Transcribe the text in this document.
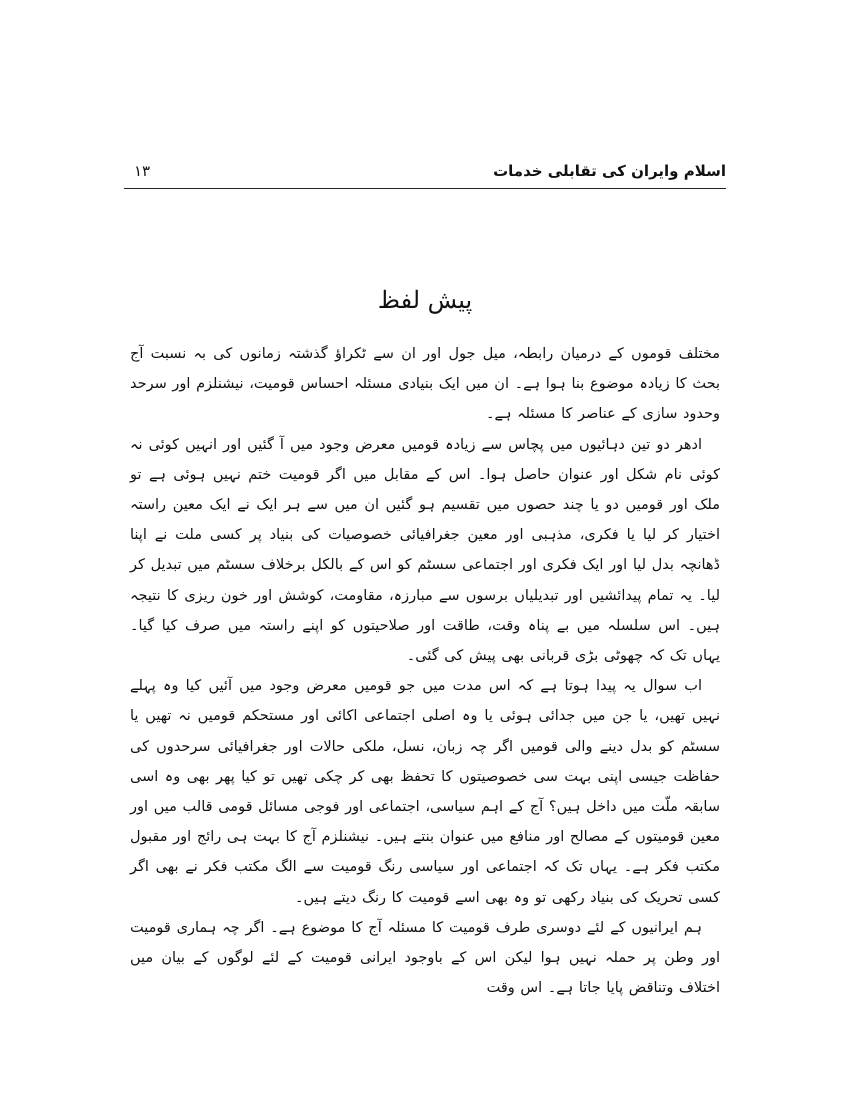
اسلام وایران کی تقابلی خدمات
۱۳
پیش لفظ

مختلف قوموں کے درمیان رابطہ، میل جول اور ان سے ٹکراؤ گذشتہ زمانوں کی بہ نسبت آج بحث کا زیادہ موضوع بنا ہوا ہے۔ ان میں ایک بنیادی مسئلہ احساس قومیت، نیشنلزم اور سرحد وحدود سازی کے عناصر کا مسئلہ ہے۔

ادھر دو تین دہائیوں میں پچاس سے زیادہ قومیں معرض وجود میں آ گئیں اور انہیں کوئی نہ کوئی نام شکل اور عنوان حاصل ہوا۔ اس کے مقابل میں اگر قومیت ختم نہیں ہوئی ہے تو ملک اور قومیں دو یا چند حصوں میں تقسیم ہو گئیں ان میں سے ہر ایک نے ایک معین راستہ اختیار کر لیا یا فکری، مذہبی اور معین جغرافیائی خصوصیات کی بنیاد پر کسی ملت نے اپنا ڈھانچہ بدل لیا اور ایک فکری اور اجتماعی سسٹم کو اس کے بالکل برخلاف سسٹم میں تبدیل کر لیا۔ یہ تمام پیدائشیں اور تبدیلیاں برسوں سے مبارزہ، مقاومت، کوشش اور خون ریزی کا نتیجہ ہیں۔ اس سلسلہ میں بے پناہ وقت، طاقت اور صلاحیتوں کو اپنے راستہ میں صرف کیا گیا۔ یہاں تک کہ چھوٹی بڑی قربانی بھی پیش کی گئی۔

اب سوال یہ پیدا ہوتا ہے کہ اس مدت میں جو قومیں معرض وجود میں آئیں کیا وہ پہلے نہیں تھیں، یا جن میں جدائی ہوئی یا وہ اصلی اجتماعی اکائی اور مستحکم قومیں نہ تھیں یا سسٹم کو بدل دینے والی قومیں اگر چہ زبان، نسل، ملکی حالات اور جغرافیائی سرحدوں کی حفاظت جیسی اپنی بہت سی خصوصیتوں کا تحفظ بھی کر چکی تھیں تو کیا پھر بھی وہ اسی سابقہ ملّت میں داخل ہیں؟ آج کے اہم سیاسی، اجتماعی اور فوجی مسائل قومی قالب میں اور معین قومیتوں کے مصالح اور منافع میں عنوان بنتے ہیں۔ نیشنلزم آج کا بہت ہی رائج اور مقبول مکتب فکر ہے۔ یہاں تک کہ اجتماعی اور سیاسی رنگ قومیت سے الگ مکتب فکر نے بھی اگر کسی تحریک کی بنیاد رکھی تو وہ بھی اسے قومیت کا رنگ دیتے ہیں۔

ہم ایرانیوں کے لئے دوسری طرف قومیت کا مسئلہ آج کا موضوع ہے۔ اگر چہ ہماری قومیت اور وطن پر حملہ نہیں ہوا لیکن اس کے باوجود ایرانی قومیت کے لئے لوگوں کے بیان میں اختلاف وتناقض پایا جاتا ہے۔ اس وقت
